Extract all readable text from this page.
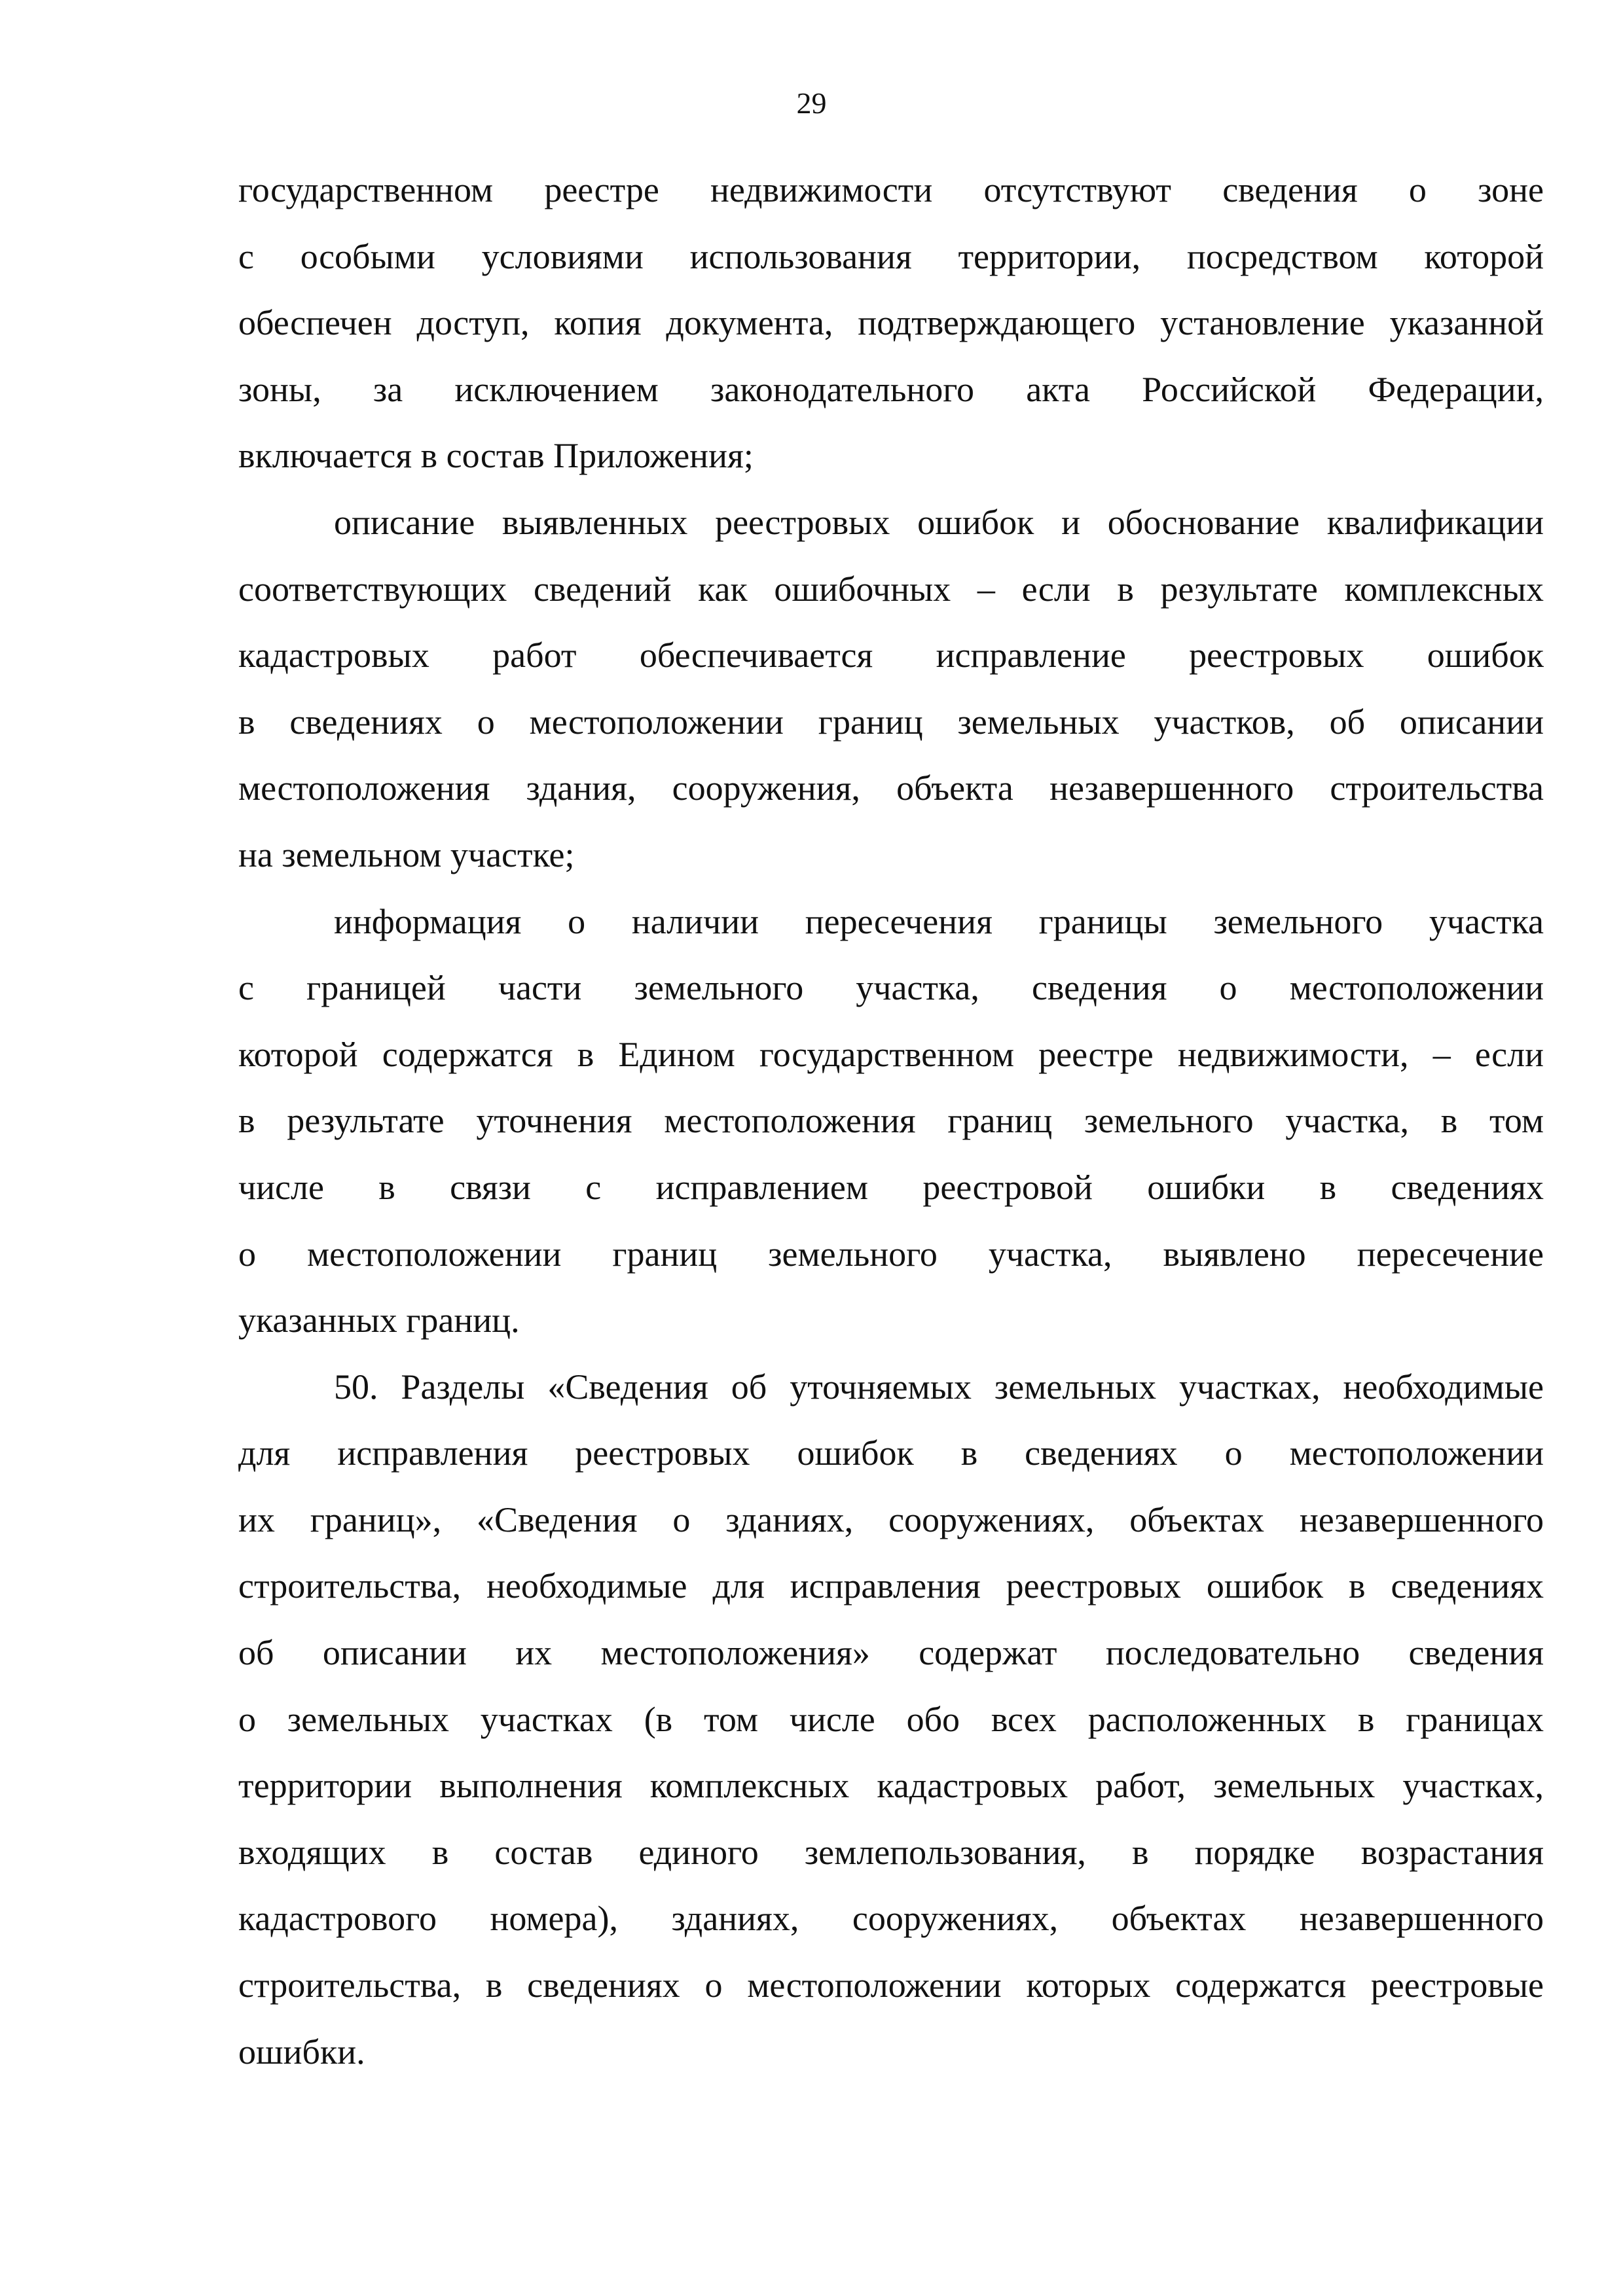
29
государственном реестре недвижимости отсутствуют сведения о зоне
с особыми условиями использования территории, посредством которой
обеспечен доступ, копия документа, подтверждающего установление указанной
зоны, за исключением законодательного акта Российской Федерации,
включается в состав Приложения;
описание выявленных реестровых ошибок и обоснование квалификации
соответствующих сведений как ошибочных – если в результате комплексных
кадастровых работ обеспечивается исправление реестровых ошибок
в сведениях о местоположении границ земельных участков, об описании
местоположения здания, сооружения, объекта незавершенного строительства
на земельном участке;
информация о наличии пересечения границы земельного участка
с границей части земельного участка, сведения о местоположении
которой содержатся в Едином государственном реестре недвижимости, – если
в результате уточнения местоположения границ земельного участка, в том
числе в связи с исправлением реестровой ошибки в сведениях
о местоположении границ земельного участка, выявлено пересечение
указанных границ.
50. Разделы «Сведения об уточняемых земельных участках, необходимые
для исправления реестровых ошибок в сведениях о местоположении
их границ», «Сведения о зданиях, сооружениях, объектах незавершенного
строительства, необходимые для исправления реестровых ошибок в сведениях
об описании их местоположения» содержат последовательно сведения
о земельных участках (в том числе обо всех расположенных в границах
территории выполнения комплексных кадастровых работ, земельных участках,
входящих в состав единого землепользования, в порядке возрастания
кадастрового номера), зданиях, сооружениях, объектах незавершенного
строительства, в сведениях о местоположении которых содержатся реестровые
ошибки.
